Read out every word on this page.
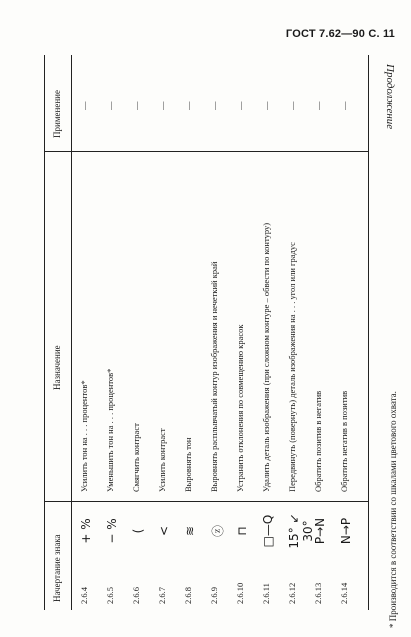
ГОСТ 7.62—90 С. 11
Продолжение
Начертание знака
Назначение
Применение
2.6.4
+ %
Усилить тон на . . . процентов*
—
2.6.5
− %
Уменьшить тон на . . . процентов*
—
2.6.6
(
Смягчить контраст
—
2.6.7
<
Усилить контраст
—
2.6.8
≋
Выровнять тон
—
2.6.9
ⓩ
Выровнять расплывчатый контур изображения и нечеткий край
—
2.6.10
⊓
Устранить отклонения по совмещению красок
—
2.6.11
□—Q
Удалить деталь изображения (при сложном контуре – обвести по контуру)
—
2.6.12
15° ↙ 30°
Передвинуть (повернуть) деталь изображения на . . . угол или градус
—
2.6.13
P→N
Обратить позитив в негатив
—
2.6.14
N→P
Обратить негатив в позитив
—
* Производится в соответствии со шкалами цветового охвата.
